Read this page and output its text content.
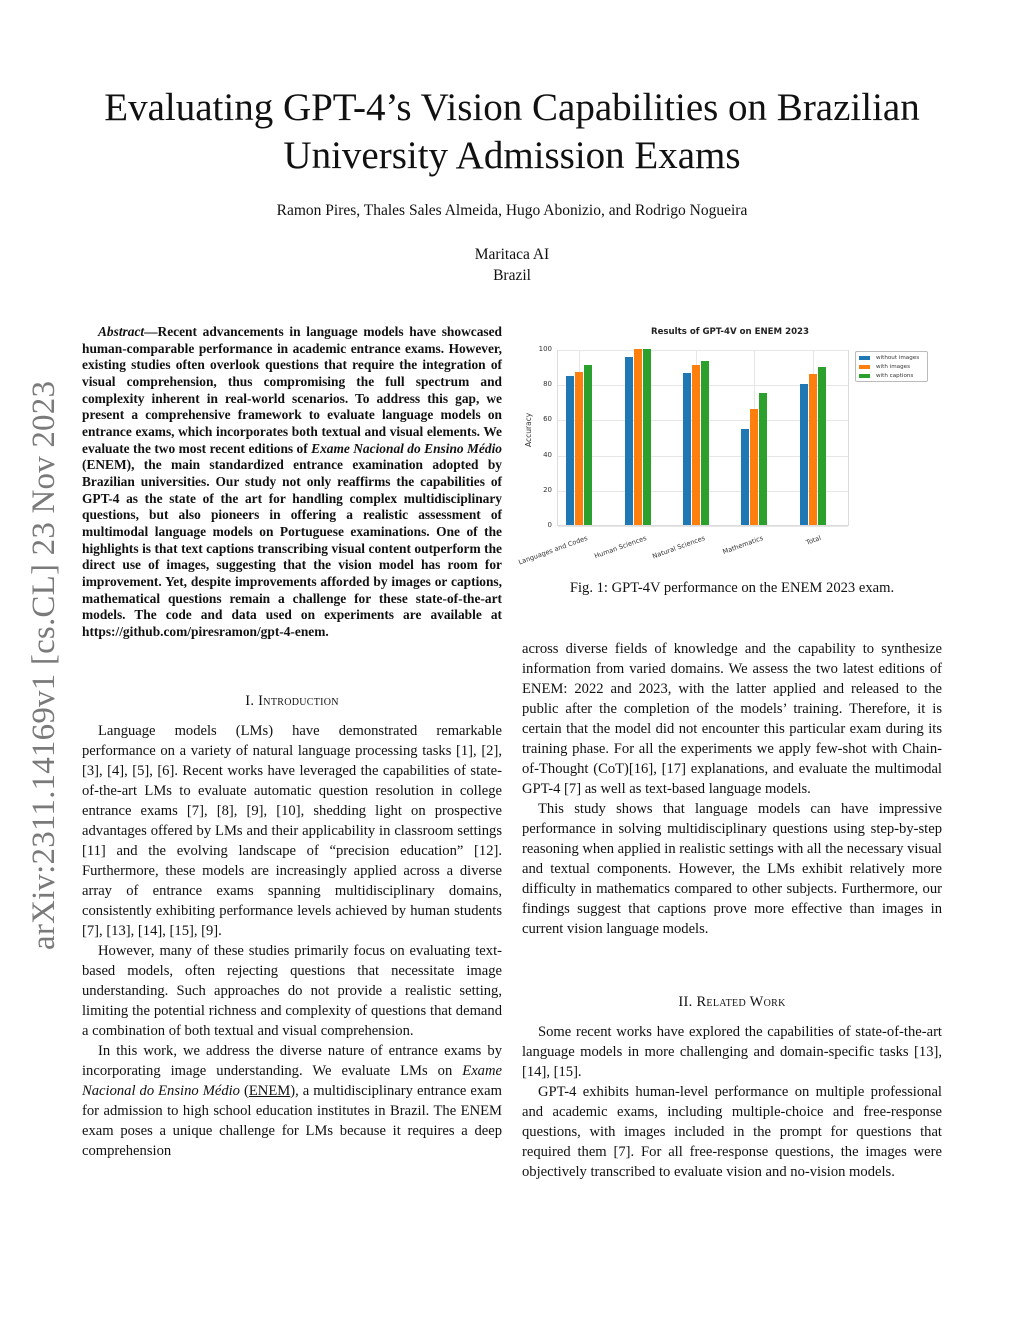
Evaluating GPT-4’s Vision Capabilities on Brazilian
University Admission Exams
Ramon Pires, Thales Sales Almeida, Hugo Abonizio, and Rodrigo Nogueira
Maritaca AI
Brazil
arXiv:2311.14169v1 [cs.CL] 23 Nov 2023
Abstract—Recent advancements in language models have showcased human-comparable performance in academic entrance exams. However, existing studies often overlook questions that require the integration of visual comprehension, thus compromising the full spectrum and complexity inherent in real-world scenarios. To address this gap, we present a comprehensive framework to evaluate language models on entrance exams, which incorporates both textual and visual elements. We evaluate the two most recent editions of Exame Nacional do Ensino Médio (ENEM), the main standardized entrance examination adopted by Brazilian universities. Our study not only reaffirms the capabilities of GPT-4 as the state of the art for handling complex multidisciplinary questions, but also pioneers in offering a realistic assessment of multimodal language models on Portuguese examinations. One of the highlights is that text captions transcribing visual content outperform the direct use of images, suggesting that the vision model has room for improvement. Yet, despite improvements afforded by images or captions, mathematical questions remain a challenge for these state-of-the-art models. The code and data used on experiments are available at https://github.com/piresramon/gpt-4-enem.
I. Introduction

Language models (LMs) have demonstrated remarkable performance on a variety of natural language processing tasks [1], [2], [3], [4], [5], [6]. Recent works have leveraged the capabilities of state-of-the-art LMs to evaluate automatic question resolution in college entrance exams [7], [8], [9], [10], shedding light on prospective advantages offered by LMs and their applicability in classroom settings [11] and the evolving landscape of “precision education” [12]. Furthermore, these models are increasingly applied across a diverse array of entrance exams spanning multidisciplinary domains, consistently exhibiting performance levels achieved by human students [7], [13], [14], [15], [9].

However, many of these studies primarily focus on evaluating text-based models, often rejecting questions that necessitate image understanding. Such approaches do not provide a realistic setting, limiting the potential richness and complexity of questions that demand a combination of both textual and visual comprehension.

In this work, we address the diverse nature of entrance exams by incorporating image understanding. We evaluate LMs on Exame Nacional do Ensino Médio (ENEM), a multidisciplinary entrance exam for admission to high school education institutes in Brazil. The ENEM exam poses a unique challenge for LMs because it requires a deep comprehension

Results of GPT-4V on ENEM 2023
Accuracy
0
20
40
60
80
100
Languages and Codes Human Sciences Natural Sciences Mathematics	Total
without images
with images
with captions
Fig. 1: GPT-4V performance on the ENEM 2023 exam.

across diverse fields of knowledge and the capability to synthesize information from varied domains. We assess the two latest editions of ENEM: 2022 and 2023, with the latter applied and released to the public after the completion of the models’ training. Therefore, it is certain that the model did not encounter this particular exam during its training phase. For all the experiments we apply few-shot with Chain-of-Thought (CoT)[16], [17] explanations, and evaluate the multimodal GPT-4 [7] as well as text-based language models.

This study shows that language models can have impressive performance in solving multidisciplinary questions using step-by-step reasoning when applied in realistic settings with all the necessary visual and textual components. However, the LMs exhibit relatively more difficulty in mathematics compared to other subjects. Furthermore, our findings suggest that captions prove more effective than images in current vision language models.

II. Related Work

Some recent works have explored the capabilities of state-of-the-art language models in more challenging and domain-specific tasks [13], [14], [15].

GPT-4 exhibits human-level performance on multiple professional and academic exams, including multiple-choice and free-response questions, with images included in the prompt for questions that required them [7]. For all free-response questions, the images were objectively transcribed to evaluate vision and no-vision models.
